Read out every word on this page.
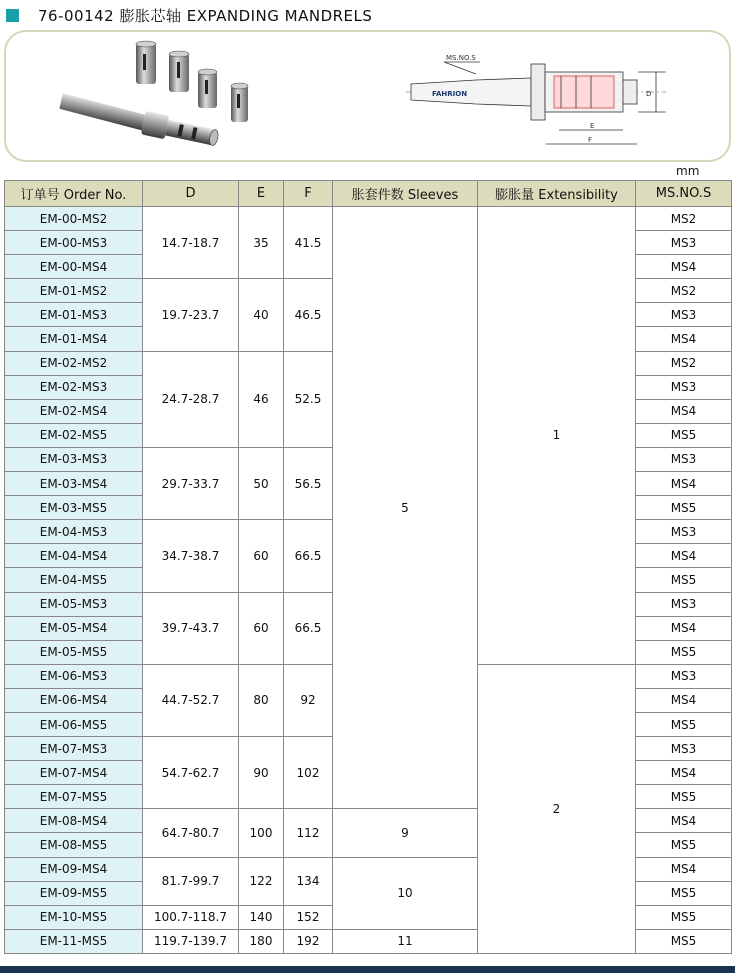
76-00142 膨胀芯轴 EXPANDING MANDRELS
MS.NO.S
FAHRION	D
E
F
mm
订单号 Order No.	D	E	F	胀套件数 Sleeves	膨胀量 Extensibility	MS.NO.S
EM-00-MS2	14.7-18.7	35	41.5	5	1	MS2
EM-00-MS3						MS3
EM-00-MS4						MS4
EM-01-MS2	19.7-23.7	40	46.5			MS2
EM-01-MS3						MS3
EM-01-MS4						MS4
EM-02-MS2	24.7-28.7	46	52.5			MS2
EM-02-MS3						MS3
EM-02-MS4						MS4
EM-02-MS5						MS5
EM-03-MS3	29.7-33.7	50	56.5			MS3
EM-03-MS4						MS4
EM-03-MS5						MS5
EM-04-MS3	34.7-38.7	60	66.5			MS3
EM-04-MS4						MS4
EM-04-MS5						MS5
EM-05-MS3	39.7-43.7	60	66.5			MS3
EM-05-MS4						MS4
EM-05-MS5						MS5
EM-06-MS3	44.7-52.7	80	92		2	MS3
EM-06-MS4						MS4
EM-06-MS5						MS5
EM-07-MS3	54.7-62.7	90	102			MS3
EM-07-MS4						MS4
EM-07-MS5						MS5
EM-08-MS4	64.7-80.7	100	112	9		MS4
EM-08-MS5						MS5
EM-09-MS4	81.7-99.7	122	134	10		MS4
EM-09-MS5						MS5
EM-10-MS5	100.7-118.7	140	152			MS5
EM-11-MS5	119.7-139.7	180	192	11		MS5
